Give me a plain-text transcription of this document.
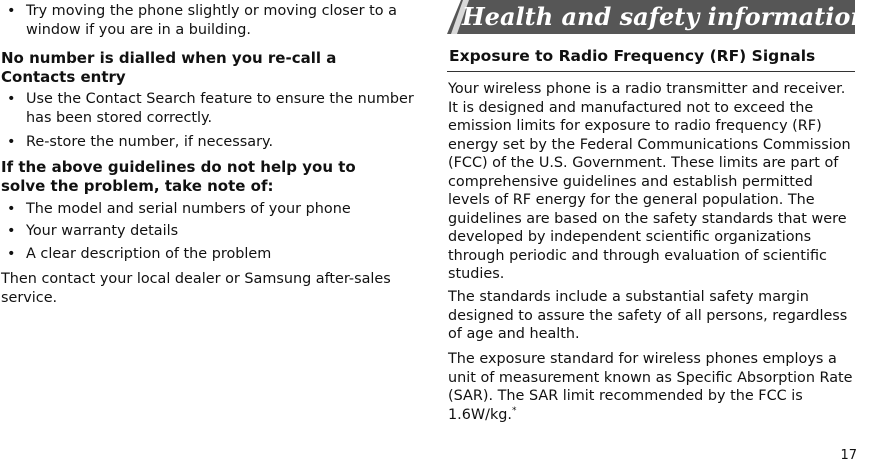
• Try moving the phone slightly or moving closer to a window if you are in a building.
No number is dialled when you re-call a Contacts entry
• Use the Contact Search feature to ensure the number has been stored correctly.
• Re-store the number, if necessary.
If the above guidelines do not help you to solve the problem, take note of:
• The model and serial numbers of your phone
• Your warranty details
• A clear description of the problem
Then contact your local dealer or Samsung after-sales service.
Health and safety information
Exposure to Radio Frequency (RF) Signals
Your wireless phone is a radio transmitter and receiver. It is designed and manufactured not to exceed the emission limits for exposure to radio frequency (RF) energy set by the Federal Communications Commission (FCC) of the U.S. Government. These limits are part of comprehensive guidelines and establish permitted levels of RF energy for the general population. The guidelines are based on the safety standards that were developed by independent scientific organizations through periodic and through evaluation of scientific studies.
The standards include a substantial safety margin designed to assure the safety of all persons, regardless of age and health.
The exposure standard for wireless phones employs a unit of measurement known as Specific Absorption Rate (SAR). The SAR limit recommended by the FCC is 1.6W/kg.*
17
